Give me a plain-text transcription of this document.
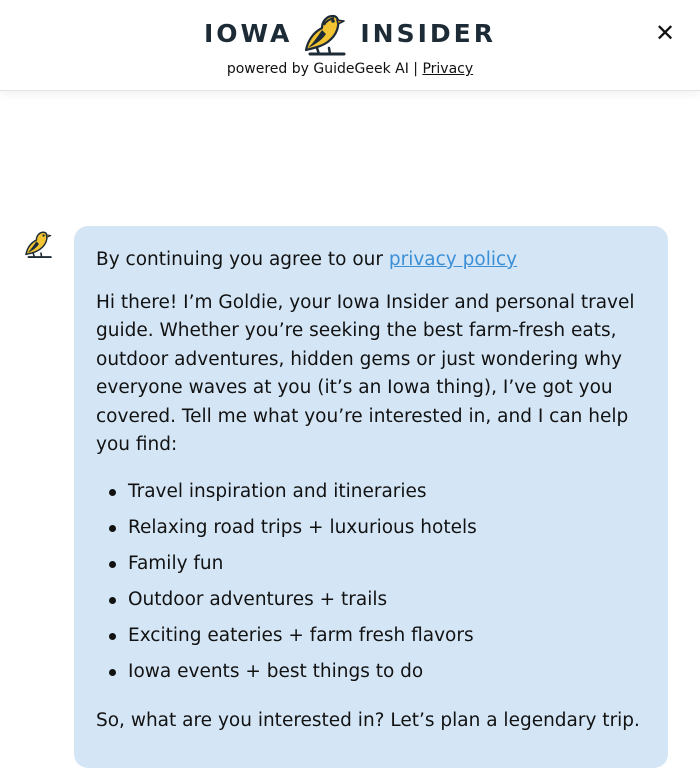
IOWA	INSIDER
powered by GuideGeek AI | Privacy
✕

By continuing you agree to our privacy policy

Hi there! I’m Goldie, your Iowa Insider and personal travel guide. Whether you’re seeking the best farm-fresh eats, outdoor adventures, hidden gems or just wondering why everyone waves at you (it’s an Iowa thing), I’ve got you covered. Tell me what you’re interested in, and I can help you find:

Travel inspiration and itineraries
Relaxing road trips + luxurious hotels
Family fun
Outdoor adventures + trails
Exciting eateries + farm fresh flavors
Iowa events + best things to do

So, what are you interested in? Let’s plan a legendary trip.
